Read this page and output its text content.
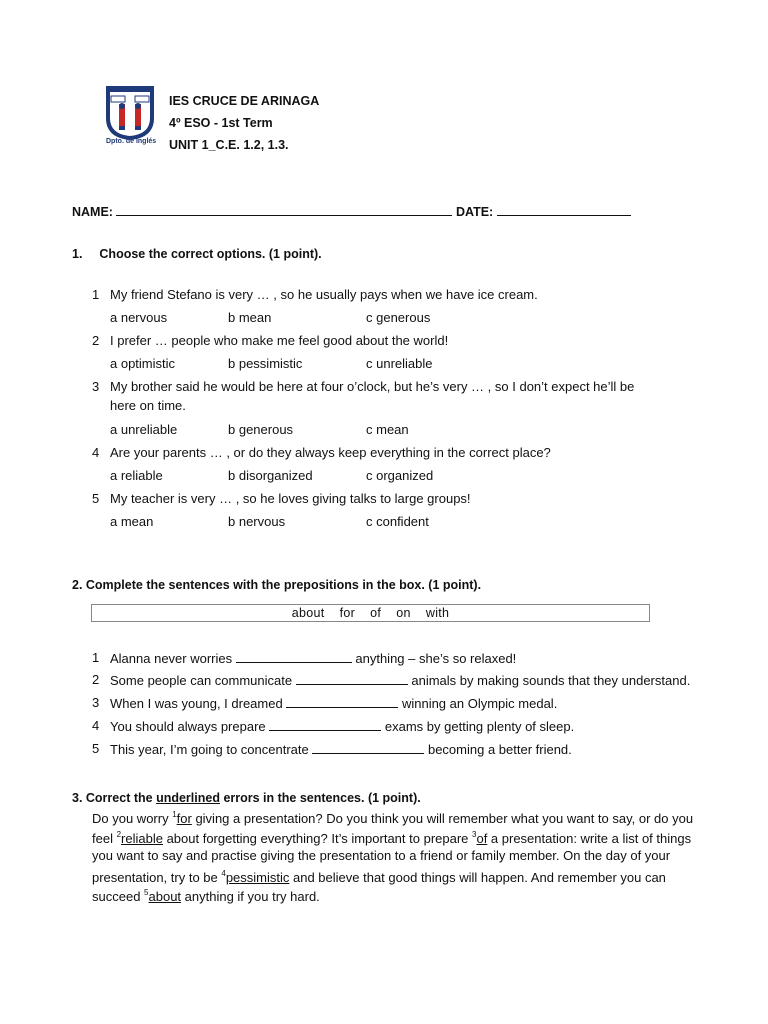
Dpto. de Inglés
IES CRUCE DE ARINAGA
4º ESO - 1st Term
UNIT 1_C.E. 1.2, 1.3.
NAME:	DATE:
1. Choose the correct options. (1 point).
1 My friend Stefano is very … , so he usually pays when we have ice cream.
a nervous	b mean	c generous
2 I prefer … people who make me feel good about the world!
a optimistic	b pessimistic	c unreliable
3 My brother said he would be here at four o’clock, but he’s very … , so I don’t expect he’ll be
here on time.
a unreliable	b generous	c mean
4 Are your parents … , or do they always keep everything in the correct place?
a reliable	b disorganized	c organized
5 My teacher is very … , so he loves giving talks to large groups!
a mean	b nervous	c confident
2. Complete the sentences with the prepositions in the box. (1 point).
about    for    of    on    with
1 Alanna never worries	anything – she’s so relaxed!
2 Some people can communicate	animals by making sounds that they understand.
3 When I was young, I dreamed	winning an Olympic medal.
4 You should always prepare	exams by getting plenty of sleep.
5 This year, I’m going to concentrate	becoming a better friend.
3. Correct the underlined errors in the sentences. (1 point).
Do you worry $^1$for giving a presentation? Do you think you will remember what you want to say, or do you
feel $^2$reliable about forgetting everything? It’s important to prepare $^3$of a presentation: write a list of things
you want to say and practise giving the presentation to a friend or family member. On the day of your
presentation, try to be $^4$pessimistic and believe that good things will happen. And remember you can
succeed $^5$about anything if you try hard.
